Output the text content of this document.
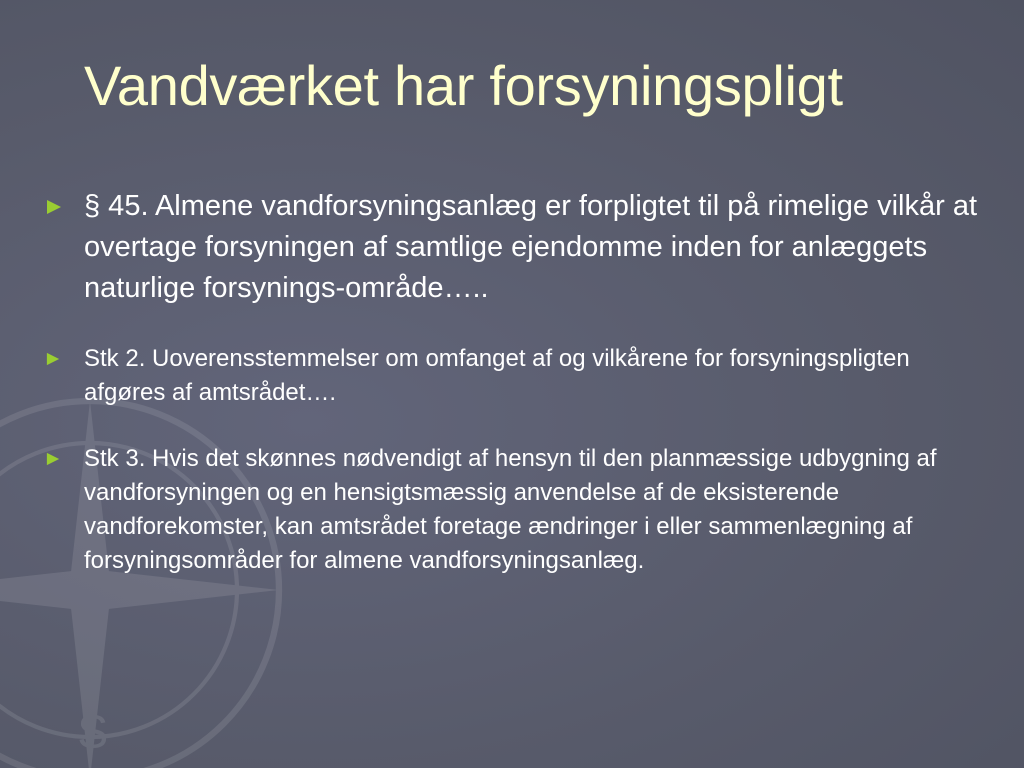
S
Vandværket har forsyningspligt
§ 45. Almene vandforsyningsanlæg er forpligtet til på rimelige vilkår at overtage forsyningen af samtlige ejendomme inden for anlæggets naturlige forsynings-område…..
Stk 2. Uoverensstemmelser om omfanget af og vilkårene for forsyningspligten afgøres af amtsrådet….
Stk 3. Hvis det skønnes nødvendigt af hensyn til den planmæssige udbygning af vandforsyningen og en hensigtsmæssig anvendelse af de eksisterende vandforekomster, kan amtsrådet foretage ændringer i eller sammenlægning af forsyningsområder for almene vandforsyningsanlæg.
